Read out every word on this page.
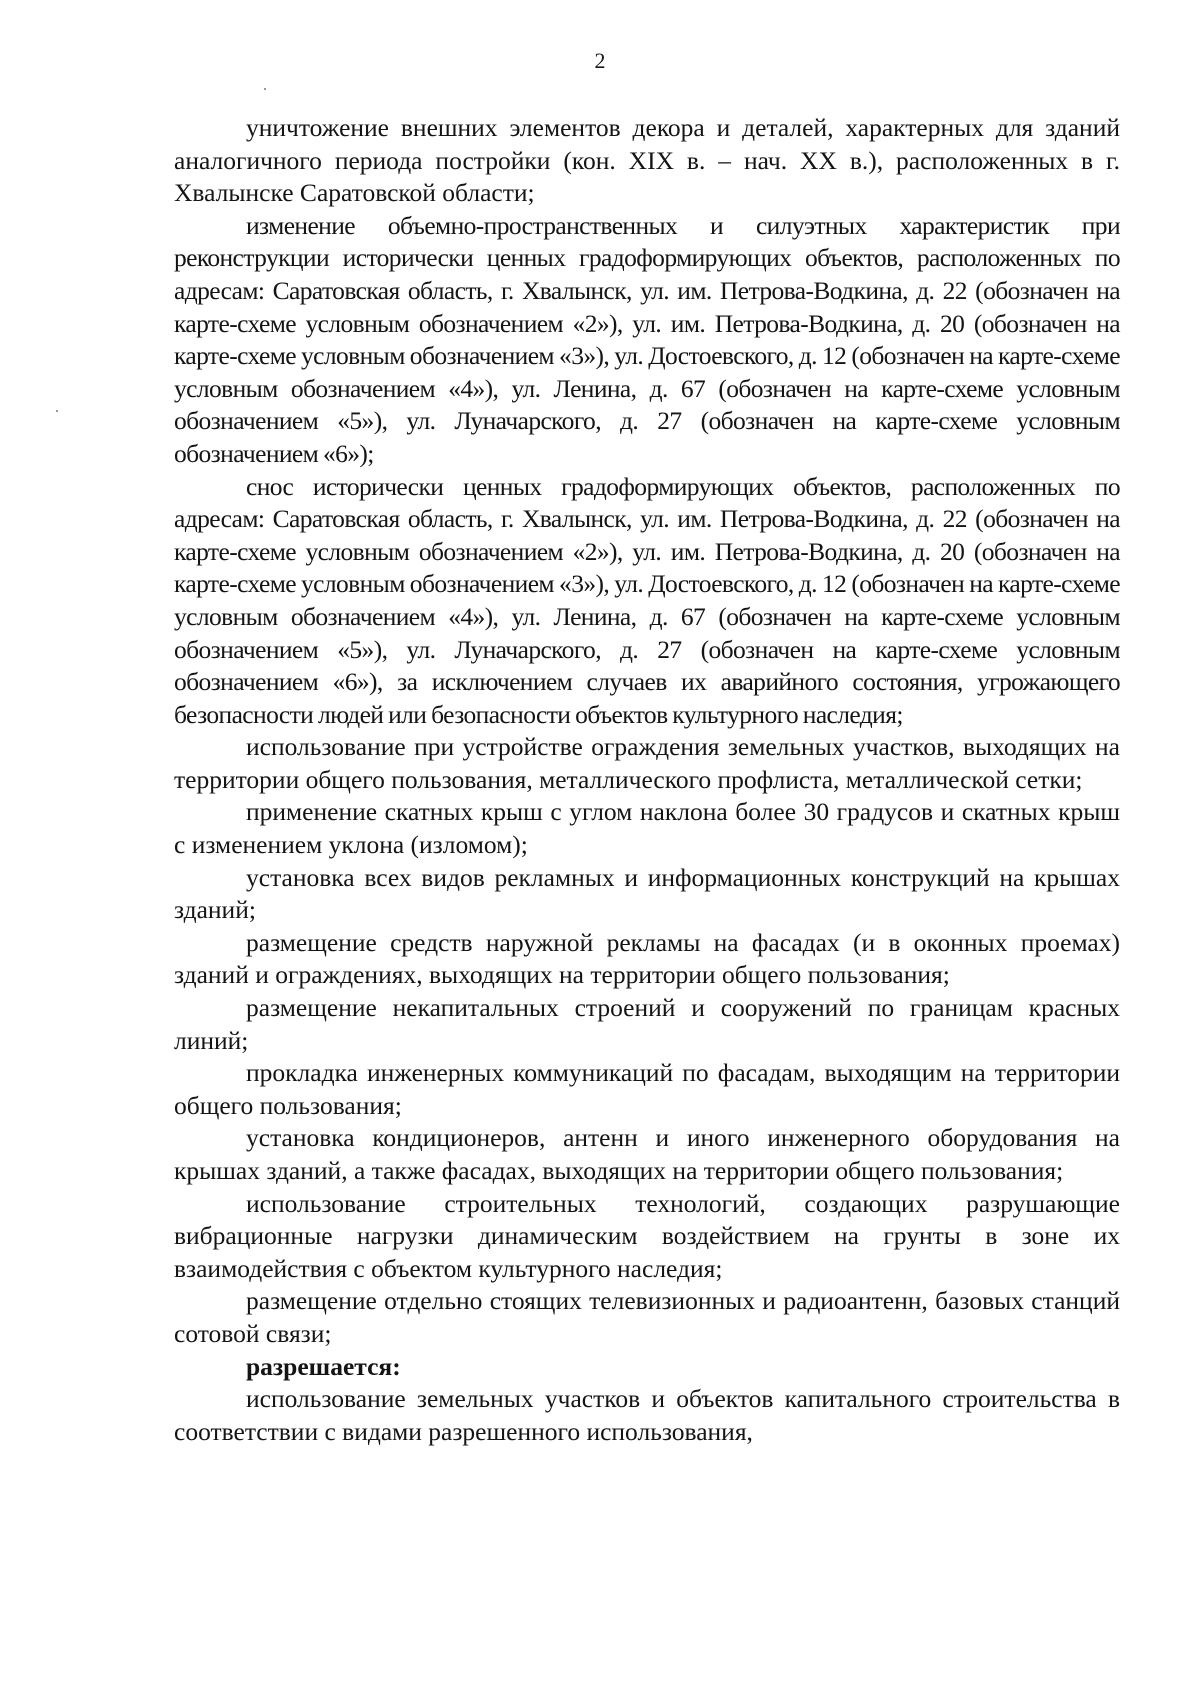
2

уничтожение внешних элементов декора и деталей, характерных для зданий аналогичного периода постройки (кон. XIX в. – нач. XX в.), расположенных в г. Хвалынске Саратовской области;

изменение объемно-пространственных и силуэтных характеристик при реконструкции исторически ценных градоформирующих объектов, расположенных по адресам: Саратовская область, г. Хвалынск, ул. им. Петрова-Водкина, д. 22 (обозначен на карте-схеме условным обозначением «2»), ул. им. Петрова-Водкина, д. 20 (обозначен на карте-схеме условным обозначением «3»), ул. Достоевского, д. 12 (обозначен на карте-схеме условным обозначением «4»), ул. Ленина, д. 67 (обозначен на карте-схеме условным обозначением «5»), ул. Луначарского, д. 27 (обозначен на карте-схеме условным обозначением «6»);

снос исторически ценных градоформирующих объектов, расположенных по адресам: Саратовская область, г. Хвалынск, ул. им. Петрова-Водкина, д. 22 (обозначен на карте-схеме условным обозначением «2»), ул. им. Петрова-Водкина, д. 20 (обозначен на карте-схеме условным обозначением «3»), ул. Достоевского, д. 12 (обозначен на карте-схеме условным обозначением «4»), ул. Ленина, д. 67 (обозначен на карте-схеме условным обозначением «5»), ул. Луначарского, д. 27 (обозначен на карте-схеме условным обозначением «6»), за исключением случаев их аварийного состояния, угрожающего безопасности людей или безопасности объектов культурного наследия;

использование при устройстве ограждения земельных участков, выходящих на территории общего пользования, металлического профлиста, металлической сетки;

применение скатных крыш с углом наклона более 30 градусов и скатных крыш с изменением уклона (изломом);

установка всех видов рекламных и информационных конструкций на крышах зданий;

размещение средств наружной рекламы на фасадах (и в оконных проемах) зданий и ограждениях, выходящих на территории общего пользования;

размещение некапитальных строений и сооружений по границам красных линий;

прокладка инженерных коммуникаций по фасадам, выходящим на территории общего пользования;

установка кондиционеров, антенн и иного инженерного оборудования на крышах зданий, а также фасадах, выходящих на территории общего пользования;

использование строительных технологий, создающих разрушающие вибрационные нагрузки динамическим воздействием на грунты в зоне их взаимодействия с объектом культурного наследия;

размещение отдельно стоящих телевизионных и радиоантенн, базовых станций сотовой связи;

разрешается:

использование земельных участков и объектов капитального строительства в соответствии с видами разрешенного использования,
